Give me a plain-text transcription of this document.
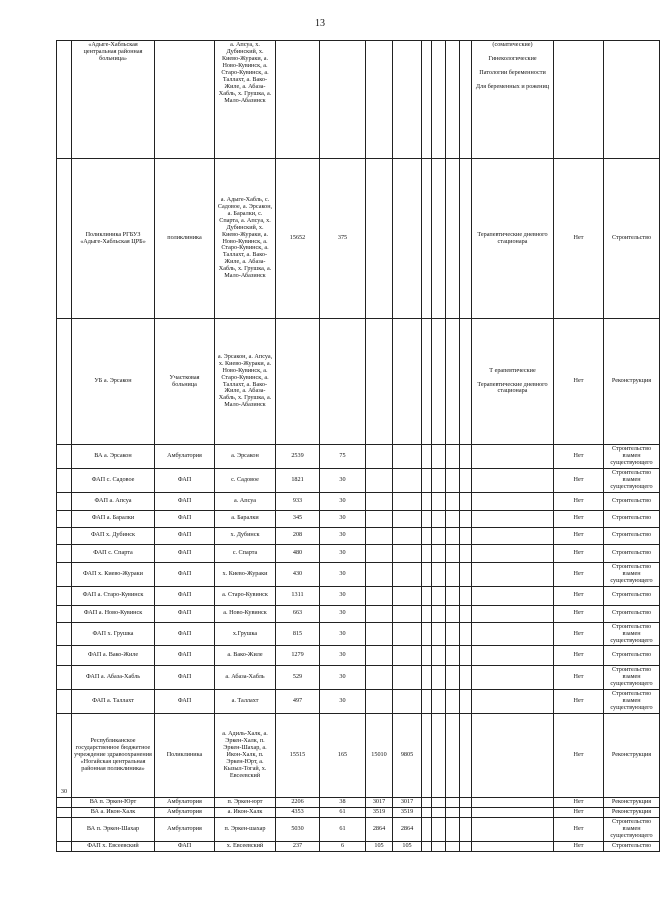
13
	«Адыге-Хабльская центральная районная больница»		а. Апсуа, х. Дубинский, х. Киево-Жураки, а. Ново-Кувинск, а. Старо-Кувинск, а. Таллахт, а. Вако-Жиле, а. Абаза-Хабль, х. Грушка, а. Мало-Абазинск									(соматические)

Гинекологические

Патологии беременности

Для беременных и рожениц		
	Поликлиника РГБУЗ «Адыге-Хабльская ЦРБ»	поликлиника	а. Адыге-Хабль, с. Садовое, а. Эрсакон, а. Баралки, с. Спарта, а. Апсуа, х. Дубинский, х. Киево-Жураки, а. Ново-Кувинск, а. Старо-Кувинск, а. Таллахт, а. Вако-Жиле, а. Абаза-Хабль, х. Грушка, а. Мало-Абазинск	15652	375							Терапевтические дневного стационара	Нет	Строительство
	УБ а. Эрсакон	Участковая больница	а. Эрсакон, а. Апсуа, х. Киево-Жураки, а. Ново-Кувинск, а. Старо-Кувинск, а. Таллахт, а. Вако-Жиле, а. Абаза-Хабль, х. Грушка, а. Мало-Абазинск									Т ерапевтические

Терапевтические дневного стационара	Нет	Реконструкция
	ВА а. Эрсакон	Амбулатория	а. Эрсакон	2539	75								Нет	Строительство взамен существующего
	ФАП с. Садовое	ФАП	с. Садовое	1821	30								Нет	Строительство взамен существующего
	ФАП а. Апсуа	ФАП	а. Апсуа	933	30								Нет	Строительство
	ФАП а. Баралки	ФАП	а. Баралки	345	30								Нет	Строительство
	ФАП х. Дубинск	ФАП	х. Дубинск	208	30								Нет	Строительство
	ФАП с. Спарта	ФАП	с. Спарта	480	30								Нет	Строительство
	ФАП х. Киево-Жураки	ФАП	х. Киево-Жураки	430	30								Нет	Строительство взамен существующего
	ФАП а. Старо-Кувинск	ФАП	а. Старо-Кувинск	1311	30								Нет	Строительство
	ФАП а. Ново-Кувинск	ФАП	а. Ново-Кувинск	663	30								Нет	Строительство
	ФАП х. Грушка	ФАП	х.Грушка	815	30								Нет	Строительство взамен существующего
	ФАП а. Вако-Жиле	ФАП	а. Вако-Жиле	1279	30								Нет	Строительство
	ФАП а. Абаза-Хабль	ФАП	а. Абаза-Хабль	529	30								Нет	Строительство взамен существующего
	ФАП а. Таллахт	ФАП	а. Таллахт	497	30								Нет	Строительство взамен существующего
30	Республиканское государственное бюджетное учреждение здравоохранения «Ногайская центральная районная поликлиника»	Поликлиника	а. Адиль-Халк, а. Эркен-Халк, п. Эркен-Шахар, а. Икон-Халк, п. Эркен-Юрт, а. Кызыл-Тогай, х. Евсеевский	15515	165	15010	9805						Нет	Реконструкция
	ВА п. Эркен-Юрт	Амбулатория	п. Эркен-юрт	2206	38	3017	3017						Нет	Реконструкция
	ВА а. Икон-Халк	Амбулатория	а. Икон-Халк	4353	61	3519	3519						Нет	Реконструкция
	ВА п. Эркен-Шахар	Амбулатория	п. Эркен-шахар	5030	61	2864	2864						Нет	Строительство взамен существующего
	ФАП х. Евсеевский	ФАП	х. Евсеевский	237	6	105	105						Нет	Строительство
